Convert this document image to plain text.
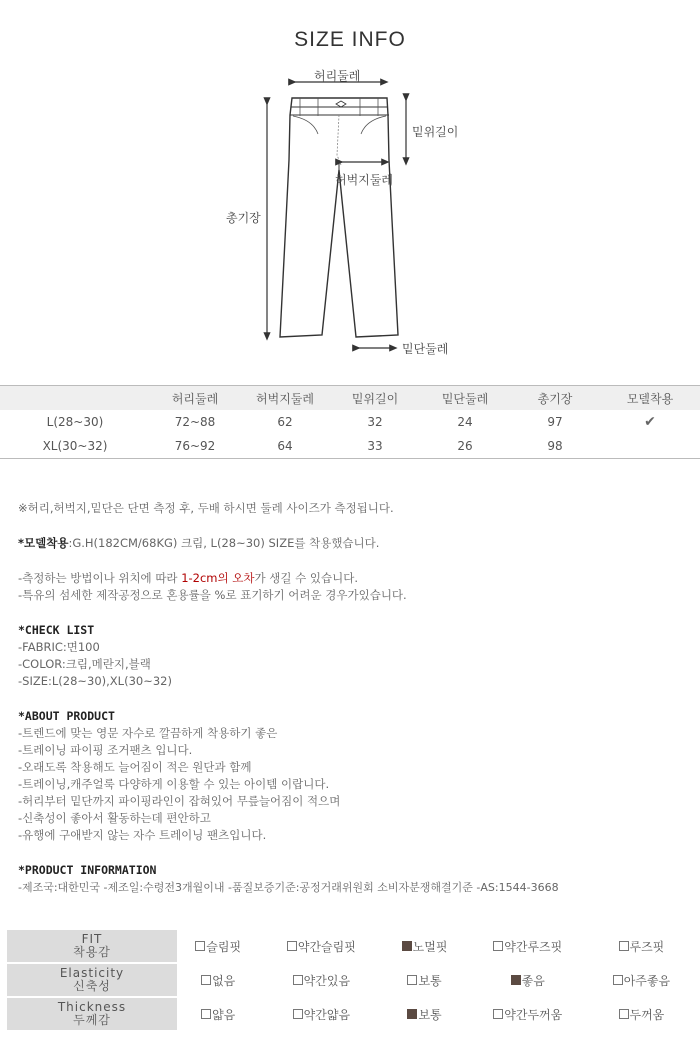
SIZE INFO
허리둘레
밑위길이
허벅지둘레
총기장
밑단둘레
	허리둘레	허벅지둘레	밑위길이	밑단둘레	총기장	모델착용
L(28~30)	72~88	62	32	24	97	✔
XL(30~32)	76~92	64	33	26	98	

※허리,허벅지,밑단은 단면 측정 후, 두배 하시면 둘레 사이즈가 측정됩니다.

*모델착용:G.H(182CM/68KG) 크림, L(28~30) SIZE를 착용했습니다.

-측정하는 방법이나 위치에 따라 1-2cm의 오차가 생길 수 있습니다.

-특유의 섬세한 제작공정으로 혼용률을 %로 표기하기 어려운 경우가있습니다.

*CHECK LIST

-FABRIC:면100

-COLOR:크림,메란지,블랙

-SIZE:L(28~30),XL(30~32)

*ABOUT PRODUCT

-트렌드에 맞는 영문 자수로 깔끔하게 착용하기 좋은

-트레이닝 파이핑 조거팬츠 입니다.

-오래도록 착용해도 늘어짐이 적은 원단과 함께

-트레이닝,캐주얼룩 다양하게 이용할 수 있는 아이템 이랍니다.

-허리부터 밑단까지 파이핑라인이 잡혀있어 무릎늘어짐이 적으며

-신축성이 좋아서 활동하는데 편안하고

-유행에 구애받지 않는 자수 트레이닝 팬츠입니다.

*PRODUCT INFORMATION

-제조국:대한민국 -제조일:수령전3개월이내 -품질보증기준:공정거래위원회 소비자분쟁해결기준 -AS:1544-3668

FIT
착용감	슬림핏	약간슬림핏	노멀핏	약간루즈핏	루즈핏

Elasticity
신축성	없음	약간있음	보통	좋음	아주좋음

Thickness
두께감	얇음	약간얇음	보통	약간두꺼움	두꺼움
